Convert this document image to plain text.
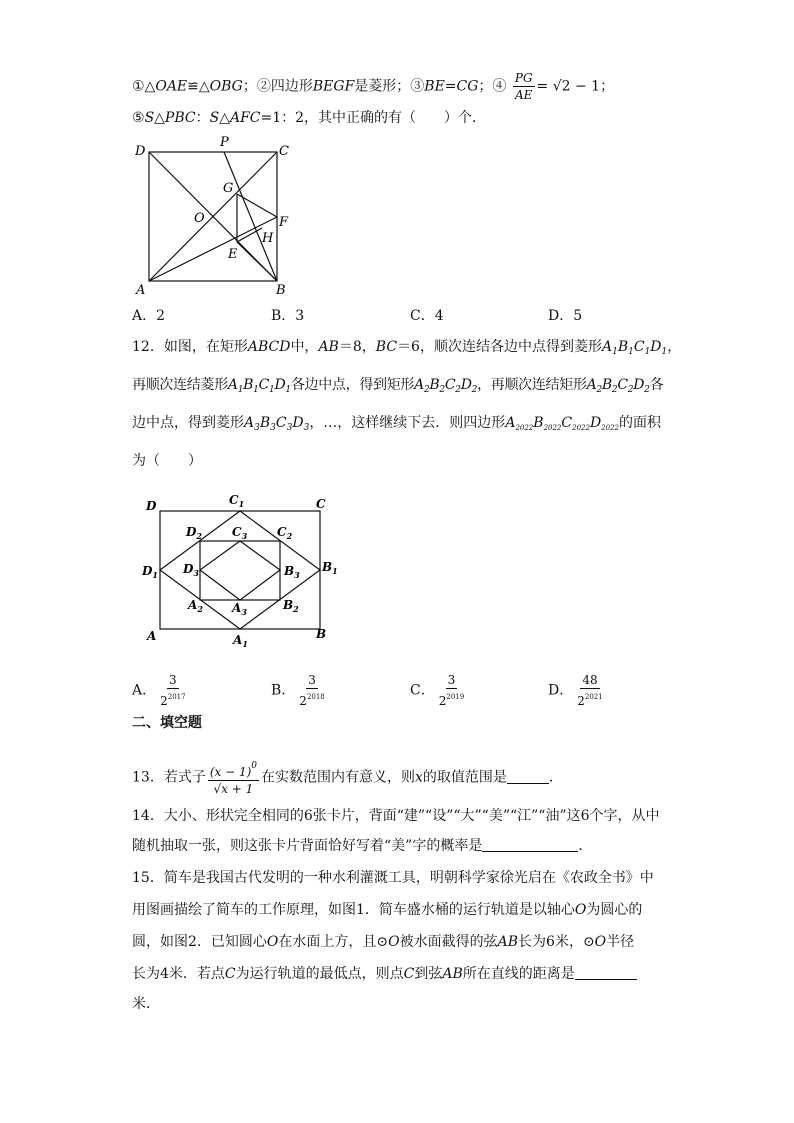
①△OAE≌△OBG；②四边形BEGF是菱形；③BE=CG；④ $\frac{PG}{AE} = √2 - 1$；
⑤S△PBC：S△AFC=1：2，其中正确的有（　　）个．
D
P
C
G
O	F
H
E
A	B
A．2	B．3	C．4	D．5
12．如图，在矩形ABCD中，AB＝8，BC＝6，顺次连结各边中点得到菱形$A_1B_1C_1D_1$，
再顺次连结菱形$A_1B_1C_1D_1$各边中点，得到矩形$A_2B_2C_2D_2$，再顺次连结矩形$A_2B_2C_2D_2$各
边中点，得到菱形$A_3B_3C_3D_3$，…，这样继续下去．则四边形$A_{2022}B_{2022}C_{2022}D_{2022}$的面积
为（　　）
D	$C_1$	C
$D_2$	$C_3$ $C_2$
$D_1$ $D_3$	$B_3$
$B_1$
$A_2$ $A_3$	$B_2$
A	$A_1$
B
A． $\frac{3}{2^{2017}}$	B． $\frac{3}{2^{2018}}$	C． $\frac{3}{2^{2019}}$	D． $\frac{48}{2^{2021}}$
二、填空题
13．若式子 $\frac{(x - 1)^0}{√x + 1}$ 在实数范围内有意义，则x的取值范围是	．
14．大小、形状完全相同的6张卡片，背面“建”“设”“大”“美”“江”“油”这6个字，从中
随机抽取一张，则这张卡片背面恰好写着“美”字的概率是	．
15．简车是我国古代发明的一种水利灌溉工具，明朝科学家徐光启在《农政全书》中
用图画描绘了简车的工作原理，如图1．简车盛水桶的运行轨道是以轴心O为圆心的
圆，如图2．已知圆心O在水面上方，且⊙O被水面截得的弦AB长为6米，⊙O半径
长为4米．若点C为运行轨道的最低点，则点C到弦AB所在直线的距离是
米．
